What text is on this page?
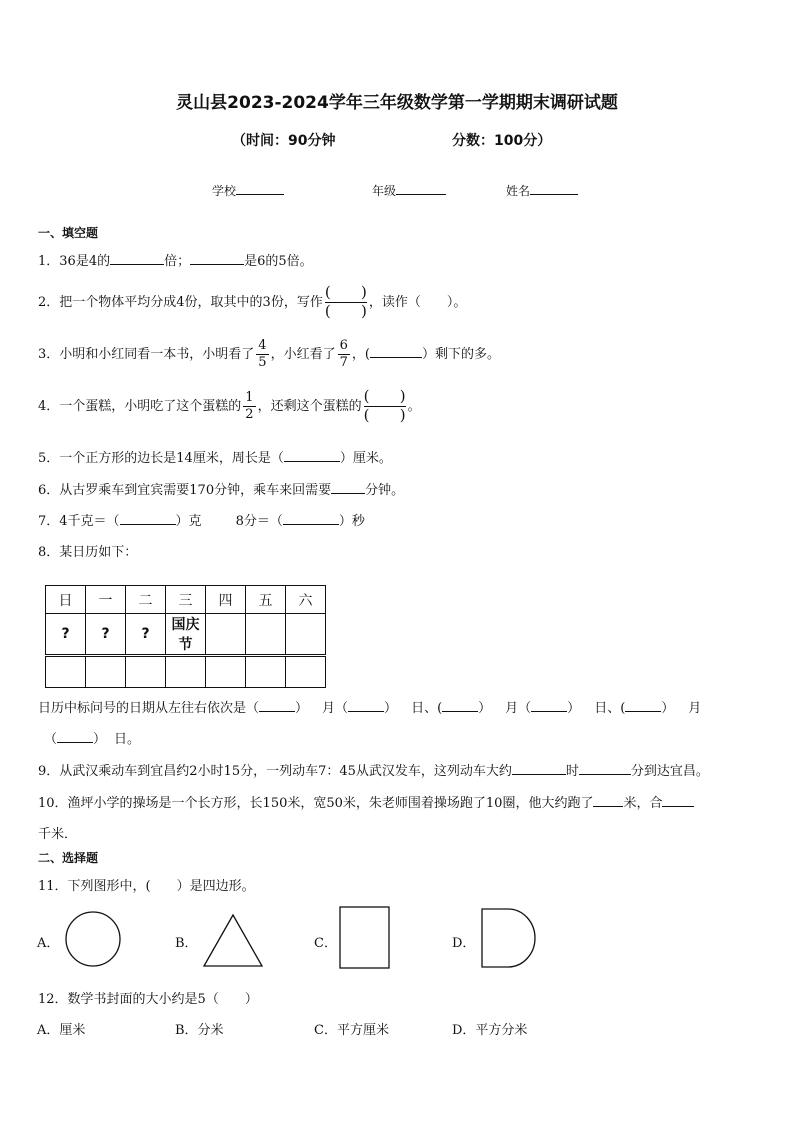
灵山县2023-2024学年三年级数学第一学期期末调研试题
（时间：90分钟	分数：100分）
学校	年级	姓名
一、填空题
1．36是4的	倍；	是6的5倍。
2．把一个物体平均分成4份，取其中的3份，写作
( )
( )	，读作（　　）。
3．小明和小红同看一本书，小明看了 $\frac{4}{5}$ ，小红看了 $\frac{6}{7}$ ，(	）剩下的多。
4．一个蛋糕，小明吃了这个蛋糕的 $\frac{1}{2}$ ，还剩这个蛋糕的
( )
( )	。
5．一个正方形的边长是14厘米，周长是（	）厘米。
6．从古罗乘车到宜宾需要170分钟，乘车来回需要	分钟。
7．4千克＝（	）克	8分＝（	）秒
8．某日历如下：
日	一	二	三	四	五	六
?	?	?	国庆节			

日历中标问号的日期从左往右依次是（	） 月（	） 日、(	） 月（	） 日、(	） 月
（	） 日。
9．从武汉乘动车到宜昌约2小时15分，一列动车7：45从武汉发车，这列动车大约	时	分到达宜昌。
10．渔坪小学的操场是一个长方形，长150米，宽50米，朱老师围着操场跑了10圈，他大约跑了 米，合
千米．
二、选择题
11．下列图形中，(　　）是四边形。
A．	B．	C．	D．
12．数学书封面的大小约是5（　　）
A．厘米	B．分米	C．平方厘米	D．平方分米
